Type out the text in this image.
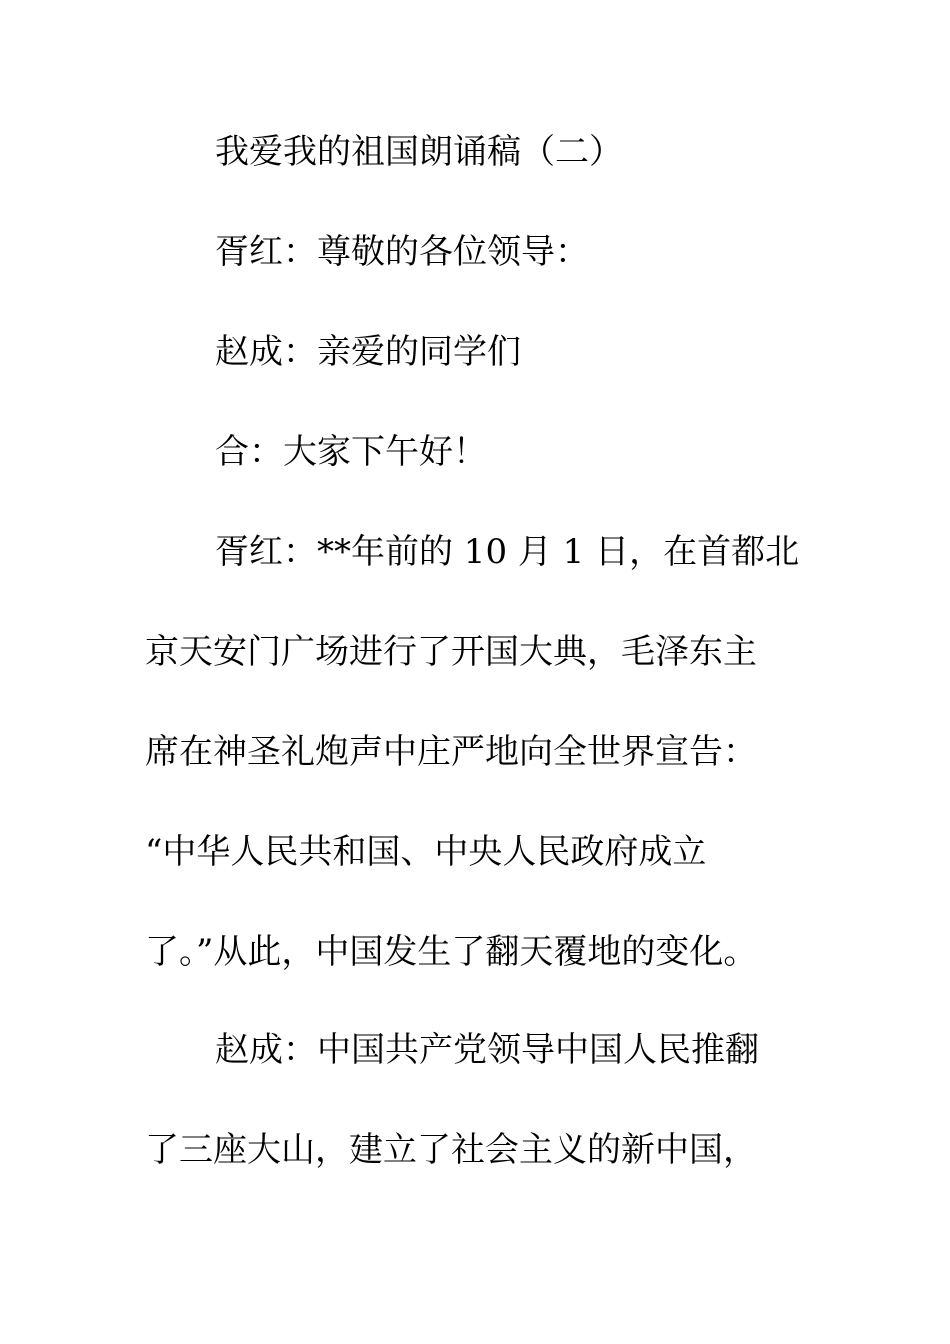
我爱我的祖国朗诵稿（二）
胥红：尊敬的各位领导：
赵成：亲爱的同学们
合：大家下午好！
胥红：**年前的 10 月 1 日，在首都北
京天安门广场进行了开国大典，毛泽东主
席在神圣礼炮声中庄严地向全世界宣告：
“中华人民共和国、中央人民政府成立
了。”从此，中国发生了翻天覆地的变化。
赵成：中国共产党领导中国人民推翻
了三座大山，建立了社会主义的新中国，
